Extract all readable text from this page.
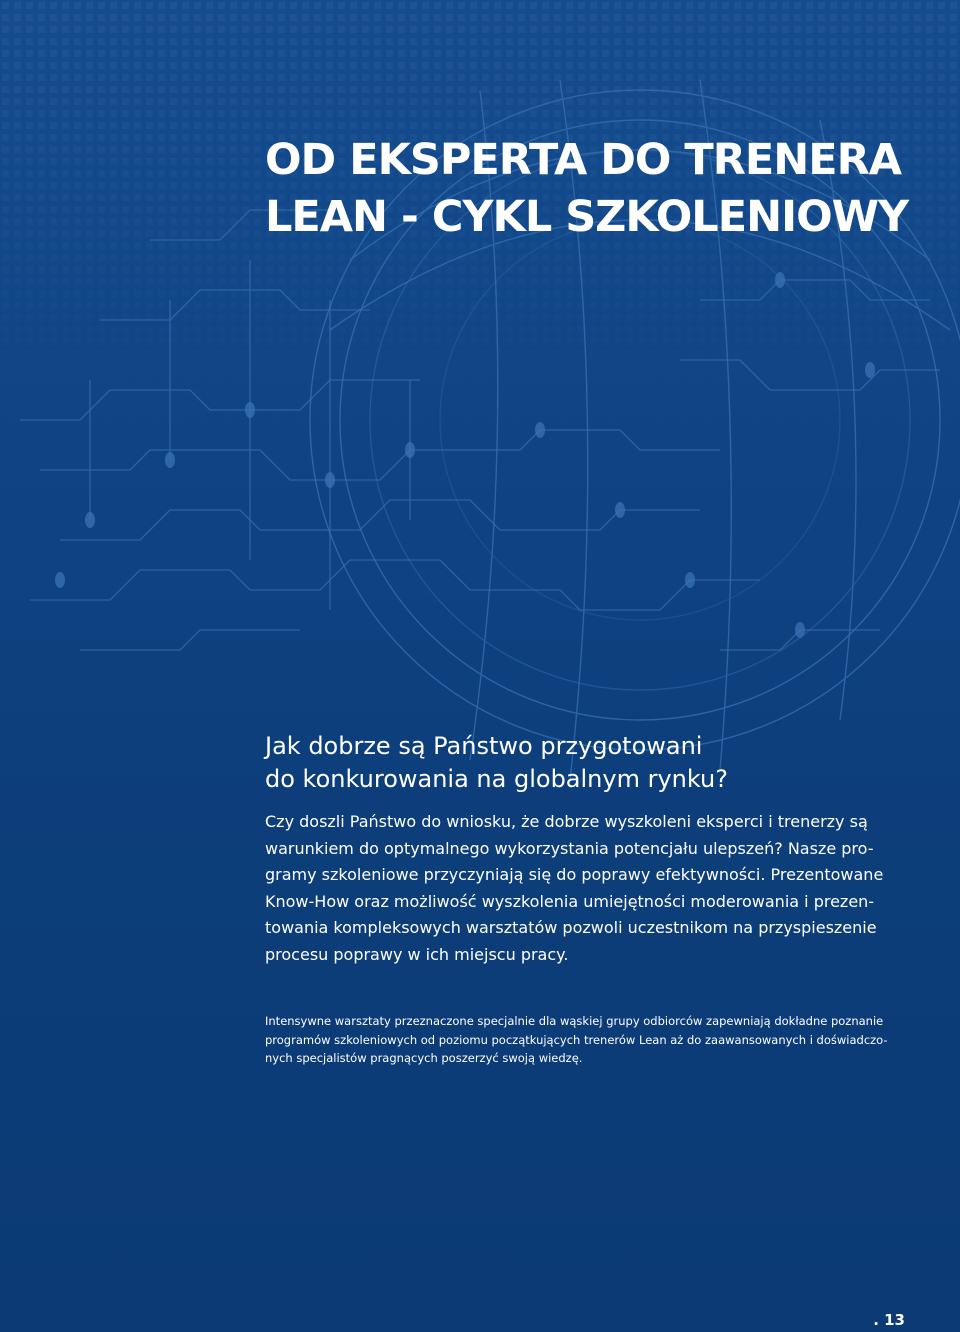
OD EKSPERTA DO TRENERA
LEAN - CYKL SZKOLENIOWY
Jak dobrze są Państwo przygotowani
do konkurowania na globalnym rynku?

Czy doszli Państwo do wniosku, że dobrze wyszkoleni eksperci i trenerzy są
warunkiem do optymalnego wykorzystania potencjału ulepszeń? Nasze pro-
gramy szkoleniowe przyczyniają się do poprawy efektywności. Prezentowane
Know-How oraz możliwość wyszkolenia umiejętności moderowania i prezen-
towania kompleksowych warsztatów pozwoli uczestnikom na przyspieszenie
procesu poprawy w ich miejscu pracy.

Intensywne warsztaty przeznaczone specjalnie dla wąskiej grupy odbiorców zapewniają dokładne poznanie
programów szkoleniowych od poziomu początkujących trenerów Lean aż do zaawansowanych i doświadczo-
nych specjalistów pragnących poszerzyć swoją wiedzę.

. 13
